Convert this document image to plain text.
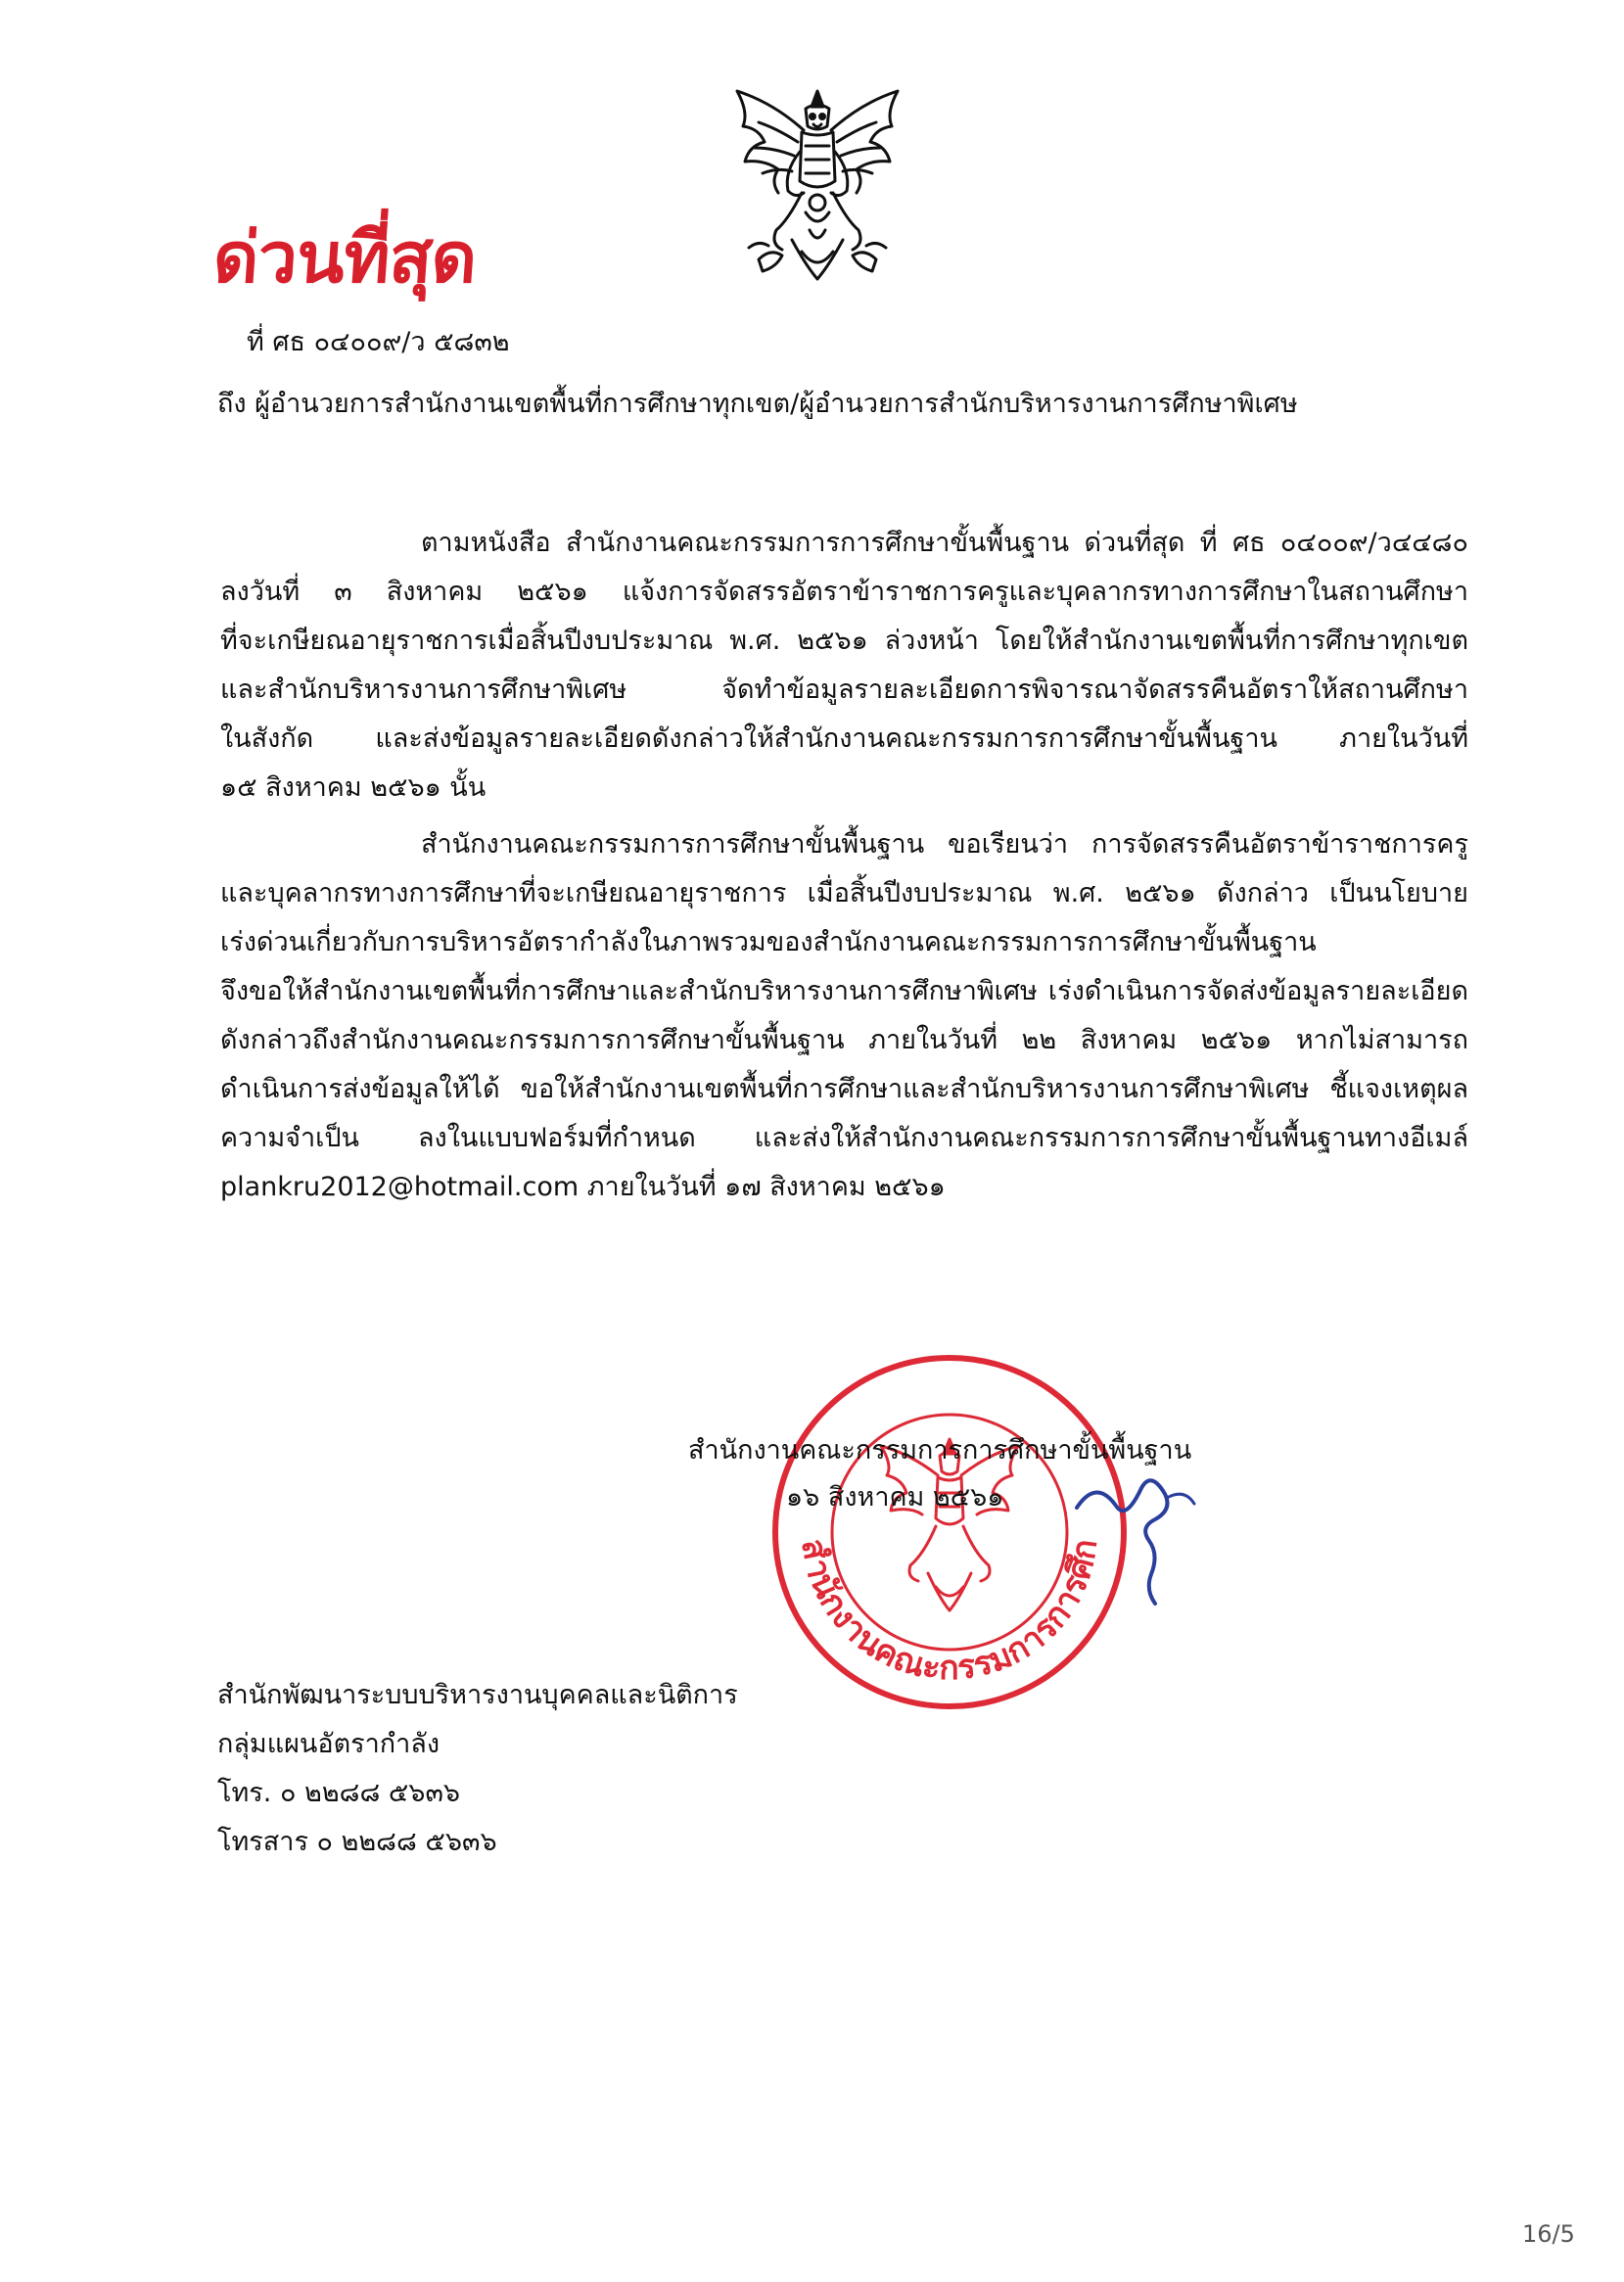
ด่วนที่สุด
ที่ ศธ ๐๔๐๐๙/ว ๕๘๓๒
ถึง ผู้อำนวยการสำนักงานเขตพื้นที่การศึกษาทุกเขต/ผู้อำนวยการสำนักบริหารงานการศึกษาพิเศษ
ตามหนังสือ สำนักงานคณะกรรมการการศึกษาขั้นพื้นฐาน ด่วนที่สุด ที่ ศธ ๐๔๐๐๙/ว๔๔๘๐
ลงวันที่ ๓ สิงหาคม ๒๕๖๑ แจ้งการจัดสรรอัตราข้าราชการครูและบุคลากรทางการศึกษาในสถานศึกษา
ที่จะเกษียณอายุราชการเมื่อสิ้นปีงบประมาณ พ.ศ. ๒๕๖๑ ล่วงหน้า โดยให้สำนักงานเขตพื้นที่การศึกษาทุกเขต
และสำนักบริหารงานการศึกษาพิเศษ จัดทำข้อมูลรายละเอียดการพิจารณาจัดสรรคืนอัตราให้สถานศึกษา
ในสังกัด และส่งข้อมูลรายละเอียดดังกล่าวให้สำนักงานคณะกรรมการการศึกษาขั้นพื้นฐาน ภายในวันที่
๑๕ สิงหาคม ๒๕๖๑ นั้น
สำนักงานคณะกรรมการการศึกษาขั้นพื้นฐาน ขอเรียนว่า การจัดสรรคืนอัตราข้าราชการครู
และบุคลากรทางการศึกษาที่จะเกษียณอายุราชการ เมื่อสิ้นปีงบประมาณ พ.ศ. ๒๕๖๑ ดังกล่าว เป็นนโยบาย
เร่งด่วนเกี่ยวกับการบริหารอัตรากำลังในภาพรวมของสำนักงานคณะกรรมการการศึกษาขั้นพื้นฐาน
จึงขอให้สำนักงานเขตพื้นที่การศึกษาและสำนักบริหารงานการศึกษาพิเศษ เร่งดำเนินการจัดส่งข้อมูลรายละเอียด
ดังกล่าวถึงสำนักงานคณะกรรมการการศึกษาขั้นพื้นฐาน ภายในวันที่ ๒๒ สิงหาคม ๒๕๖๑ หากไม่สามารถ
ดำเนินการส่งข้อมูลให้ได้ ขอให้สำนักงานเขตพื้นที่การศึกษาและสำนักบริหารงานการศึกษาพิเศษ ชี้แจงเหตุผล
ความจำเป็น ลงในแบบฟอร์มที่กำหนด และส่งให้สำนักงานคณะกรรมการการศึกษาขั้นพื้นฐานทางอีเมล์
plankru2012@hotmail.com ภายในวันที่ ๑๗ สิงหาคม ๒๕๖๑
สำนักงานคณะกรรมการการศึก
สำนักงานคณะกรรมการการศึกษาขั้นพื้นฐาน
๑๖ สิงหาคม ๒๕๖๑
สำนักพัฒนาระบบบริหารงานบุคคลและนิติการ
กลุ่มแผนอัตรากำลัง
โทร. ๐ ๒๒๘๘ ๕๖๓๖
โทรสาร ๐ ๒๒๘๘ ๕๖๓๖
16/5
